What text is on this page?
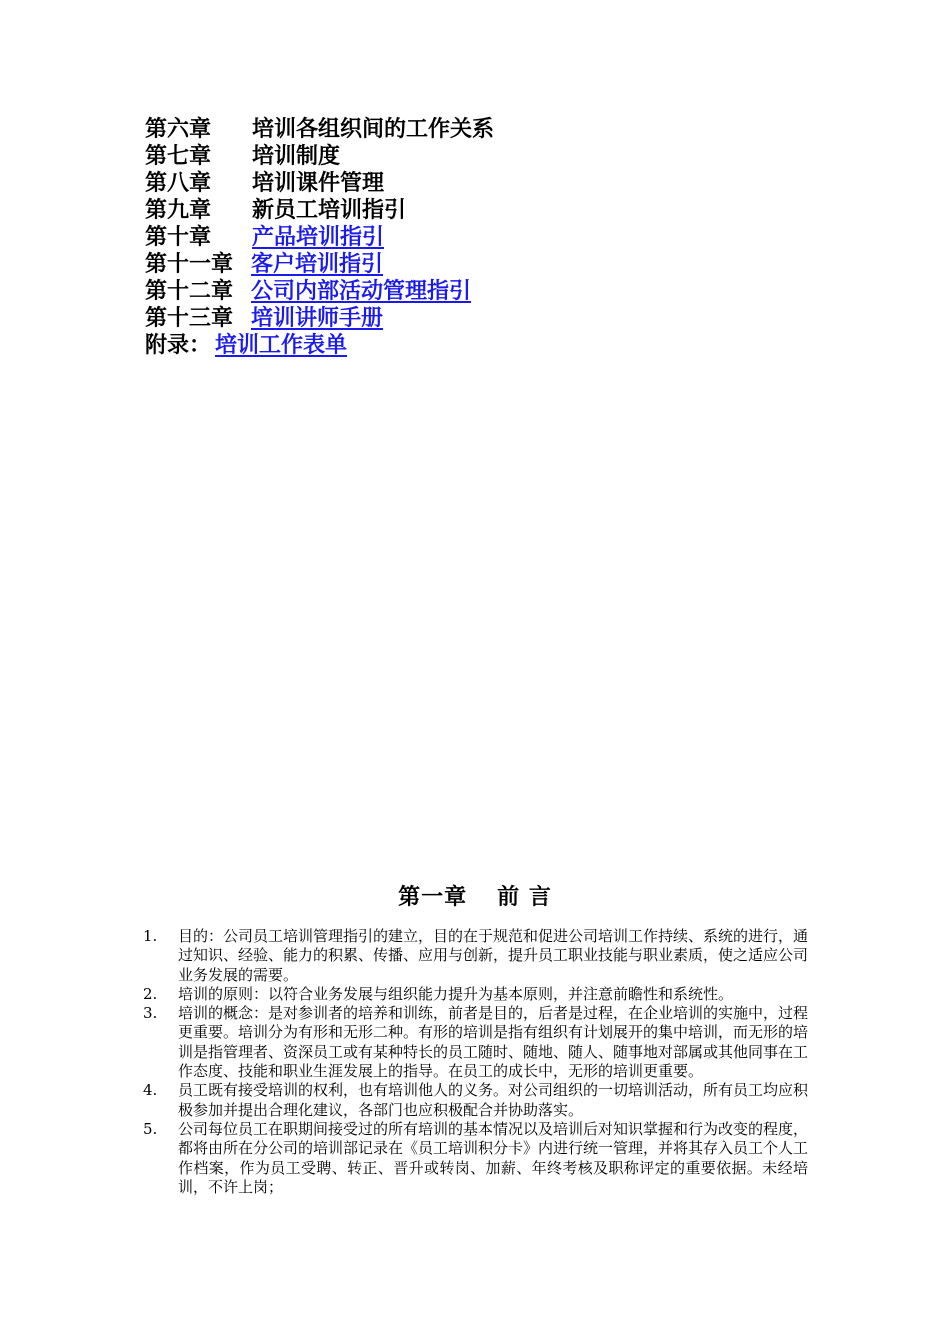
第六章 培训各组织间的工作关系
第七章 培训制度
第八章 培训课件管理
第九章 新员工培训指引
第十章 产品培训指引
第十一章 客户培训指引
第十二章 公司内部活动管理指引
第十三章 培训讲师手册
附录： 培训工作表单
第一章 前 言
1. 目的：公司员工培训管理指引的建立，目的在于规范和促进公司培训工作持续、系统的进行，通过知识、经验、能力的积累、传播、应用与创新，提升员工职业技能与职业素质，使之适应公司业务发展的需要。
2. 培训的原则：以符合业务发展与组织能力提升为基本原则，并注意前瞻性和系统性。
3. 培训的概念：是对参训者的培养和训练，前者是目的，后者是过程，在企业培训的实施中，过程更重要。培训分为有形和无形二种。有形的培训是指有组织有计划展开的集中培训，而无形的培训是指管理者、资深员工或有某种特长的员工随时、随地、随人、随事地对部属或其他同事在工作态度、技能和职业生涯发展上的指导。在员工的成长中，无形的培训更重要。
4. 员工既有接受培训的权利，也有培训他人的义务。对公司组织的一切培训活动，所有员工均应积极参加并提出合理化建议，各部门也应积极配合并协助落实。
5. 公司每位员工在职期间接受过的所有培训的基本情况以及培训后对知识掌握和行为改变的程度，都将由所在分公司的培训部记录在《员工培训积分卡》内进行统一管理，并将其存入员工个人工作档案，作为员工受聘、转正、晋升或转岗、加薪、年终考核及职称评定的重要依据。未经培训，不许上岗；
